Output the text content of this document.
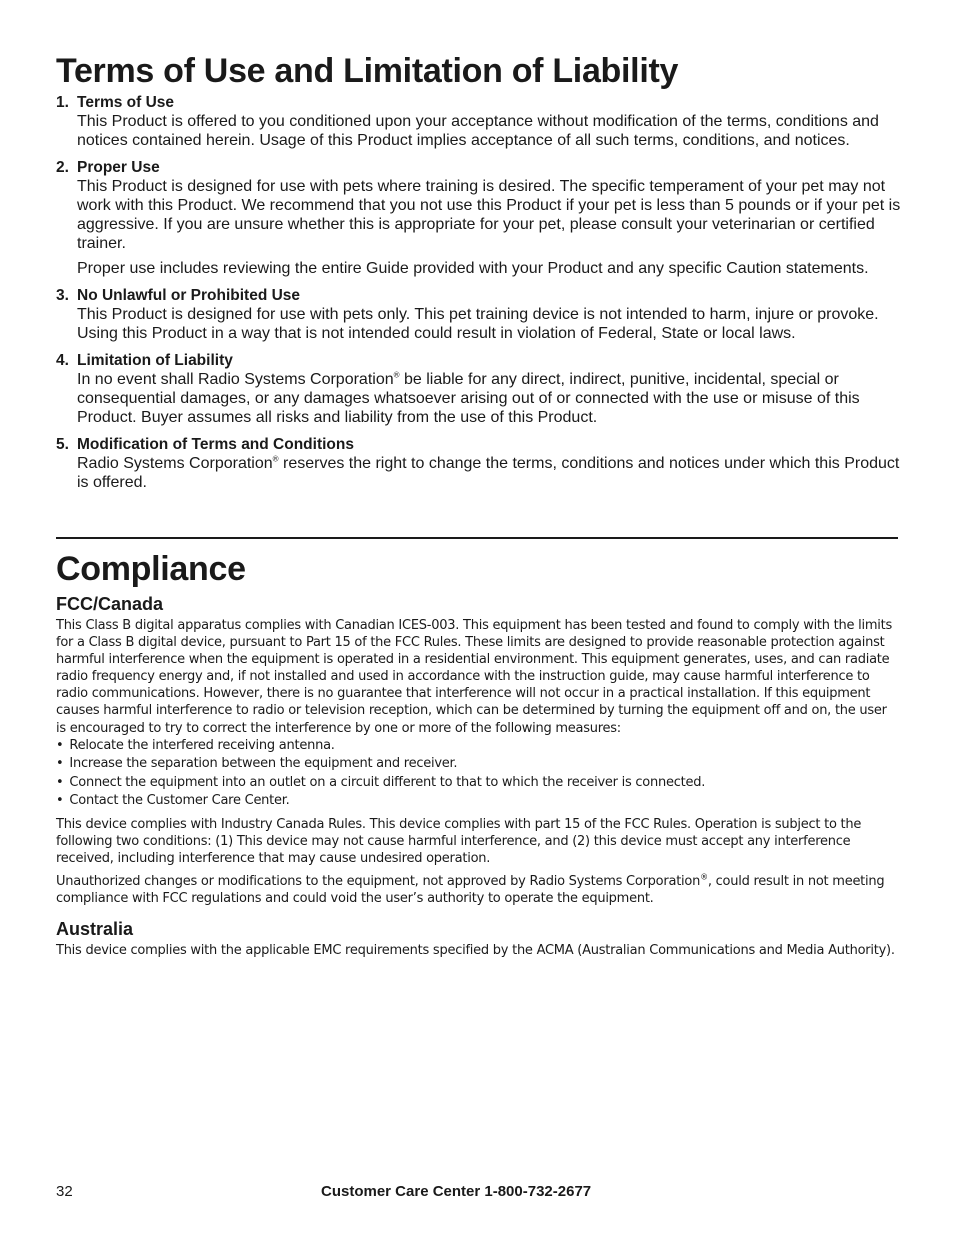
Terms of Use and Limitation of Liability
1. Terms of Use

This Product is offered to you conditioned upon your acceptance without modification of the terms, conditions and notices contained herein. Usage of this Product implies acceptance of all such terms, conditions, and notices.

2. Proper Use

This Product is designed for use with pets where training is desired. The specific temperament of your pet may not work with this Product. We recommend that you not use this Product if your pet is less than 5 pounds or if your pet is aggressive. If you are unsure whether this is appropriate for your pet, please consult your veterinarian or certified trainer.

Proper use includes reviewing the entire Guide provided with your Product and any specific Caution statements.

3. No Unlawful or Prohibited Use

This Product is designed for use with pets only. This pet training device is not intended to harm, injure or provoke. Using this Product in a way that is not intended could result in violation of Federal, State or local laws.

4. Limitation of Liability

In no event shall Radio Systems Corporation® be liable for any direct, indirect, punitive, incidental, special or consequential damages, or any damages whatsoever arising out of or connected with the use or misuse of this Product. Buyer assumes all risks and liability from the use of this Product.

5. Modification of Terms and Conditions

Radio Systems Corporation® reserves the right to change the terms, conditions and notices under which this Product is offered.

Compliance
FCC/Canada

This Class B digital apparatus complies with Canadian ICES-003. This equipment has been tested and found to comply with the limits for a Class B digital device, pursuant to Part 15 of the FCC Rules. These limits are designed to provide reasonable protection against harmful interference when the equipment is operated in a residential environment. This equipment generates, uses, and can radiate radio frequency energy and, if not installed and used in accordance with the instruction guide, may cause harmful interference to radio communications. However, there is no guarantee that interference will not occur in a practical installation. If this equipment causes harmful interference to radio or television reception, which can be determined by turning the equipment off and on, the user is encouraged to try to correct the interference by one or more of the following measures:

• Relocate the interfered receiving antenna.
• Increase the separation between the equipment and receiver.
• Connect the equipment into an outlet on a circuit different to that to which the receiver is connected.
• Contact the Customer Care Center.

This device complies with Industry Canada Rules. This device complies with part 15 of the FCC Rules. Operation is subject to the following two conditions: (1) This device may not cause harmful interference, and (2) this device must accept any interference received, including interference that may cause undesired operation.

Unauthorized changes or modifications to the equipment, not approved by Radio Systems Corporation®, could result in not meeting compliance with FCC regulations and could void the user’s authority to operate the equipment.

Australia

This device complies with the applicable EMC requirements specified by the ACMA (Australian Communications and Media Authority).

32	Customer Care Center 1-800-732-2677
